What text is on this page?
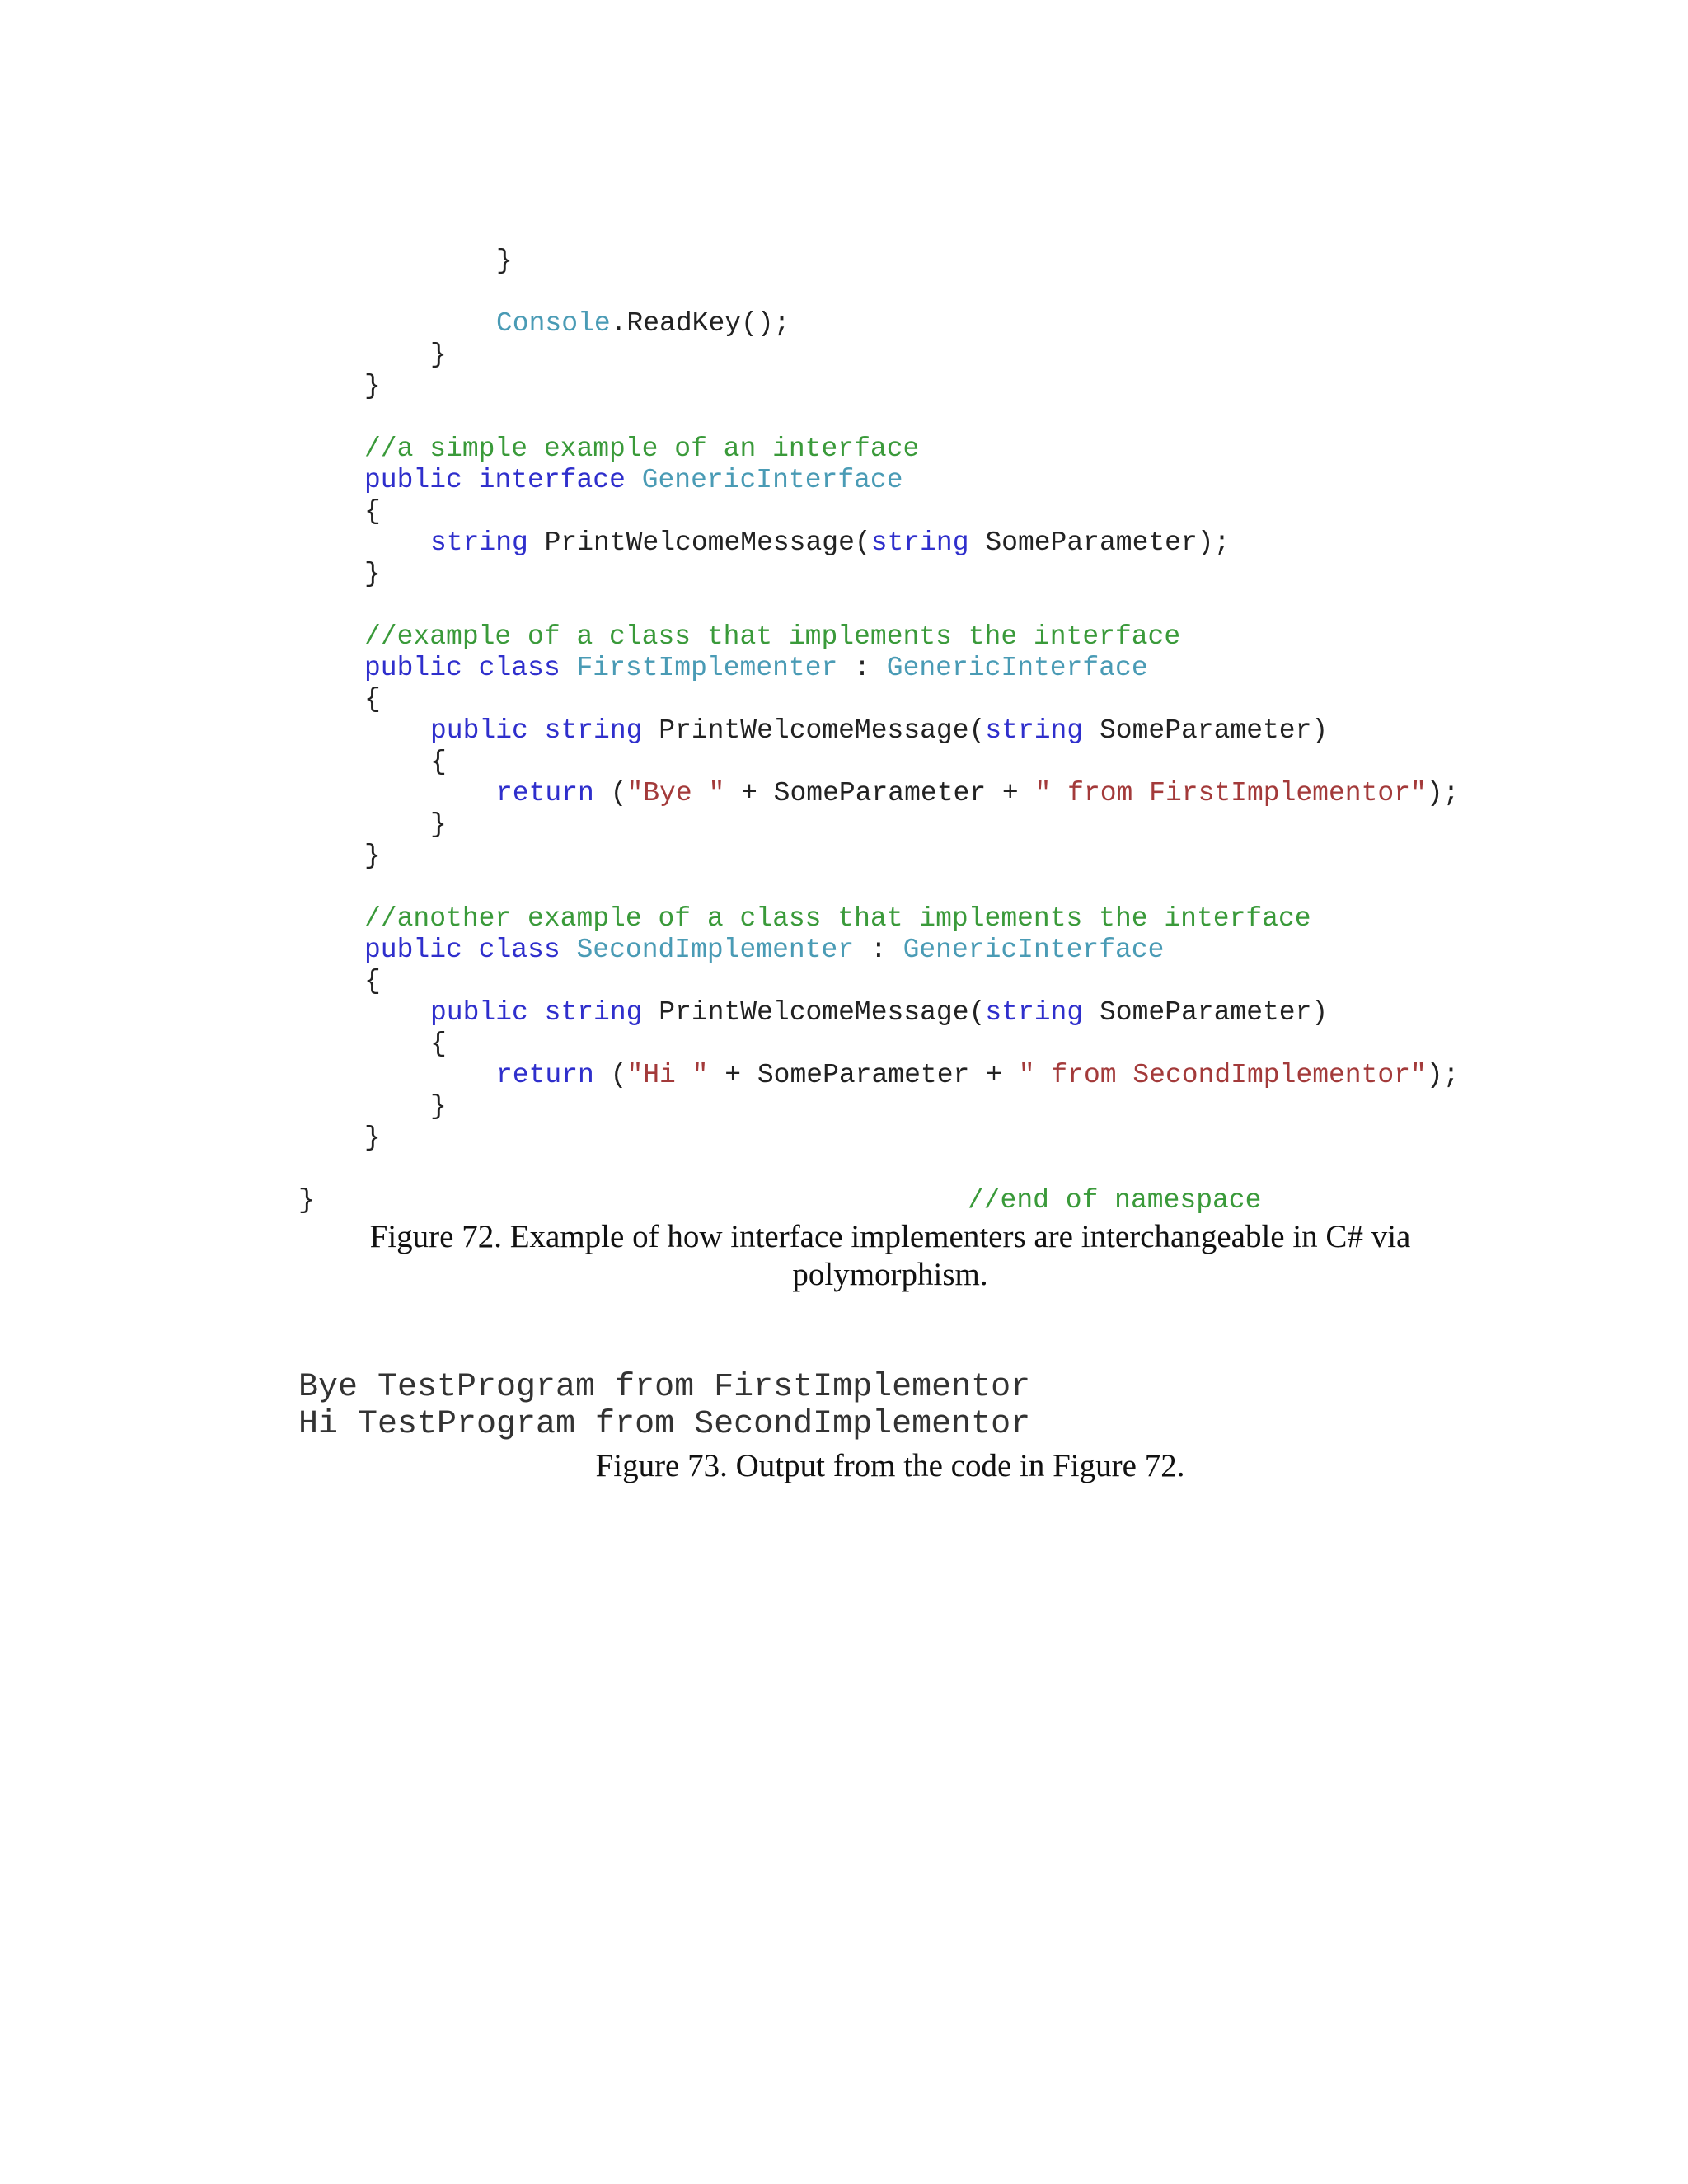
}
Console.ReadKey();
}
}
//a simple example of an interface
public interface GenericInterface
{
string PrintWelcomeMessage(string SomeParameter);
}
//example of a class that implements the interface
public class FirstImplementer : GenericInterface
{
public string PrintWelcomeMessage(string SomeParameter)
{
return ("Bye " + SomeParameter + " from FirstImplementor");
}
}
//another example of a class that implements the interface
public class SecondImplementer : GenericInterface
{
public string PrintWelcomeMessage(string SomeParameter)
{
return ("Hi " + SomeParameter + " from SecondImplementor");
}
}
}	//end of namespace
Figure 72. Example of how interface implementers are interchangeable in C# via
polymorphism.
Bye TestProgram from FirstImplementor
Hi TestProgram from SecondImplementor
Figure 73. Output from the code in Figure 72.
